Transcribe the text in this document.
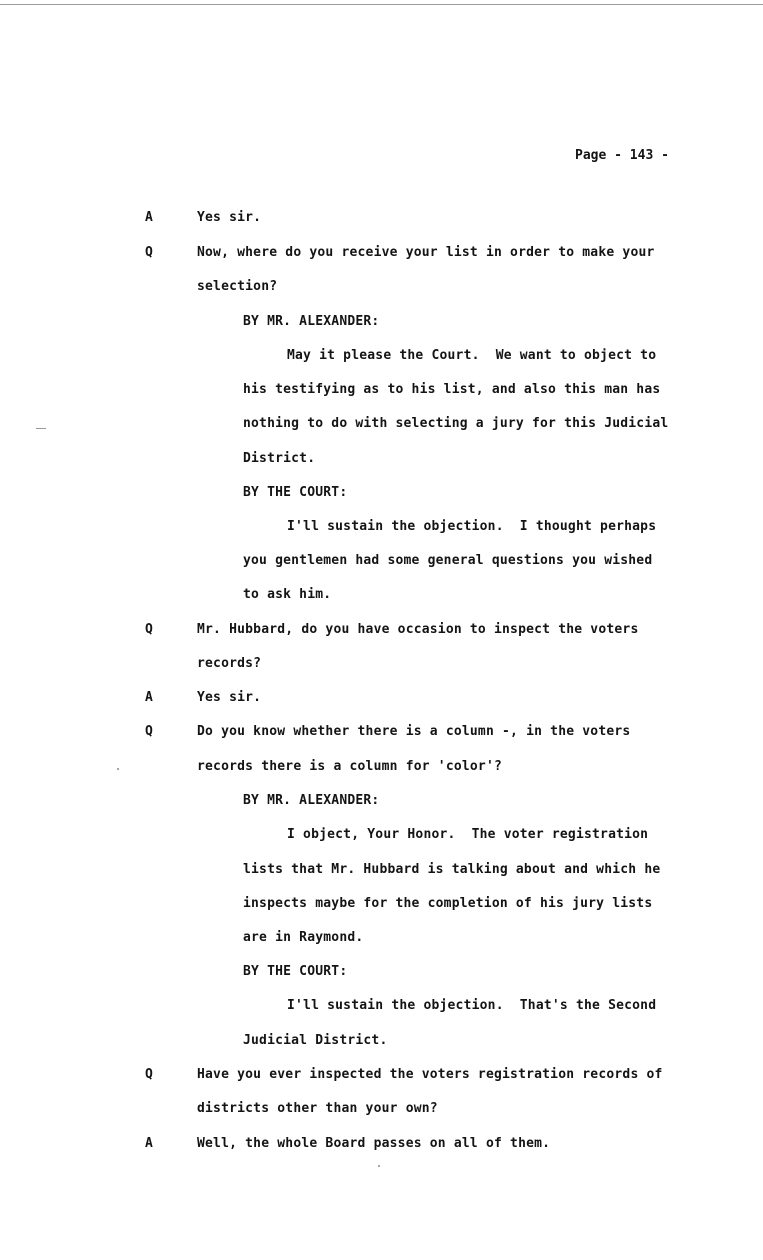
Page - 143 -
A	Yes sir.
Q	Now, where do you receive your list in order to make your
selection?
BY MR. ALEXANDER:
May it please the Court.  We want to object to
his testifying as to his list, and also this man has
nothing to do with selecting a jury for this Judicial
District.
BY THE COURT:
I'll sustain the objection.  I thought perhaps
you gentlemen had some general questions you wished
to ask him.
Q	Mr. Hubbard, do you have occasion to inspect the voters
records?
A	Yes sir.
Q	Do you know whether there is a column -, in the voters
records there is a column for 'color'?
BY MR. ALEXANDER:
I object, Your Honor.  The voter registration
lists that Mr. Hubbard is talking about and which he
inspects maybe for the completion of his jury lists
are in Raymond.
BY THE COURT:
I'll sustain the objection.  That's the Second
Judicial District.
Q	Have you ever inspected the voters registration records of
districts other than your own?
A	Well, the whole Board passes on all of them.
